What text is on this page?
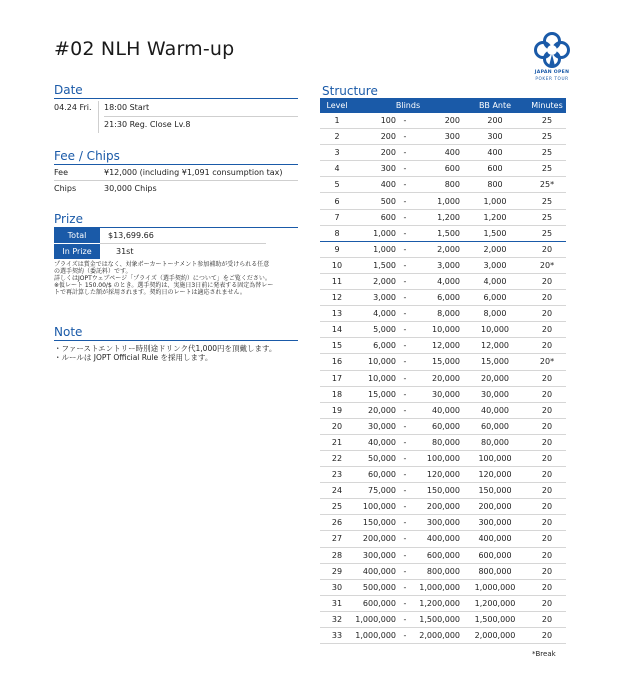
#02 NLH Warm-up
JAPAN OPEN
POKER TOUR
Date
04.24 Fri. 18:00 Start
21:30 Reg. Close Lv.8
Fee / Chips
Fee	¥12,000 (including ¥1,091 consumption tax)
Chips	30,000 Chips
Prize
Total	$13,699.66
In Prize	31st
プライズは賞金ではなく、対象ポーカートーナメント参加補助が受けられる任意
の選手契約（委託料）です。
詳しくはJOPTウェブページ「プライズ（選手契約）について」をご覧ください。
※仮レート 150.00/$ のとき。選手契約は、実施日3日前に発表する固定為替レー
トで再計算した額が採用されます。契約日のレートは適応されません。
Note
・ファーストエントリー時別途ドリンク代1,000円を頂戴します。
・ルールは JOPT Official Rule を採用します。
Structure
Level	Blinds	BB Ante	Minutes
1	100 - 200	200	25
2	200 - 300	300	25
3	200 - 400	400	25
4	300 - 600	600	25
5	400 - 800	800	25*
6	500 - 1,000	1,000	25
7	600 - 1,200	1,200	25
8	1,000 - 1,500	1,500	25
9	1,000 - 2,000	2,000	20
10	1,500 - 3,000	3,000	20*
11	2,000 - 4,000	4,000	20
12	3,000 - 6,000	6,000	20
13	4,000 - 8,000	8,000	20
14	5,000 - 10,000	10,000	20
15	6,000 - 12,000	12,000	20
16	10,000 - 15,000	15,000	20*
17	10,000 - 20,000	20,000	20
18	15,000 - 30,000	30,000	20
19	20,000 - 40,000	40,000	20
20	30,000 - 60,000	60,000	20
21	40,000 - 80,000	80,000	20
22	50,000 - 100,000	100,000	20
23	60,000 - 120,000	120,000	20
24	75,000 - 150,000	150,000	20
25	100,000 - 200,000	200,000	20
26	150,000 - 300,000	300,000	20
27	200,000 - 400,000	400,000	20
28	300,000 - 600,000	600,000	20
29	400,000 - 800,000	800,000	20
30	500,000 - 1,000,000	1,000,000	20
31	600,000 - 1,200,000	1,200,000	20
32	1,000,000 - 1,500,000	1,500,000	20
33	1,000,000 - 2,000,000	2,000,000	20
*Break
